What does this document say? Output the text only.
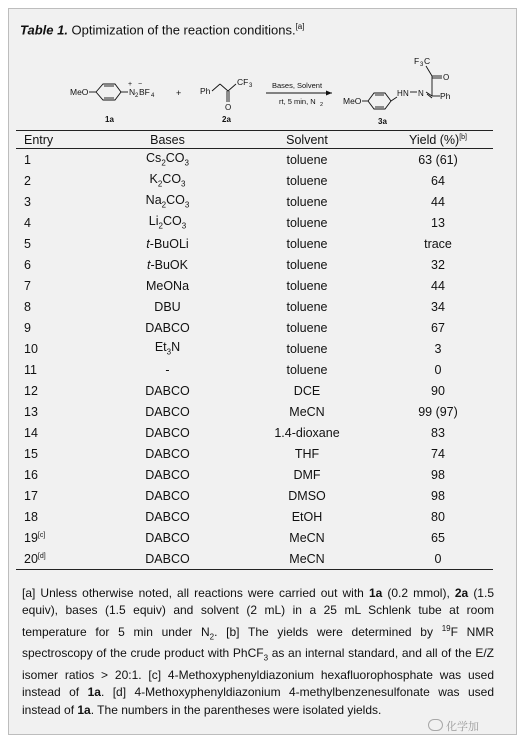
Table 1. Optimization of the reaction conditions.[a]
MeO	N 2 BF 4
+ −
1a
+ Ph
O
CF 3
2a
Bases, Solvent
rt, 5 min, N 2 MeO
H N N Ph
O
F 3 C
3a
Entry	Bases	Solvent	Yield (%)[b]
1	$Cs_2CO_3$	toluene	63 (61)
2	$K_2CO_3$	toluene	64
3	$Na_2CO_3$	toluene	44
4	$Li_2CO_3$	toluene	13
5	t-BuOLi	toluene	trace
6	t-BuOK	toluene	32
7	MeONa	toluene	44
8	DBU	toluene	34
9	DABCO	toluene	67
10	$Et_3N$	toluene	3
11	-	toluene	0
12	DABCO	DCE	90
13	DABCO	MeCN	99 (97)
14	DABCO	1.4-dioxane	83
15	DABCO	THF	74
16	DABCO	DMF	98
17	DABCO	DMSO	98
18	DABCO	EtOH	80
19[c]	DABCO	MeCN	65
20[d]	DABCO	MeCN	0
[a] Unless otherwise noted, all reactions were carried out with 1a (0.2 mmol), 2a (1.5 equiv), bases (1.5 equiv) and solvent (2 mL) in a 25 mL Schlenk tube at room temperature for 5 min under $N_2$. [b] The yields were determined by $^{19}$F NMR spectroscopy of the crude product with PhCF$_3$ as an internal standard, and all of the E/Z isomer ratios > 20:1. [c] 4-Methoxyphenyldiazonium hexafluorophosphate was used instead of 1a. [d] 4-Methoxyphenyldiazonium 4-methylbenzenesulfonate was used instead of 1a. The numbers in the parentheses were isolated yields.
化学加
